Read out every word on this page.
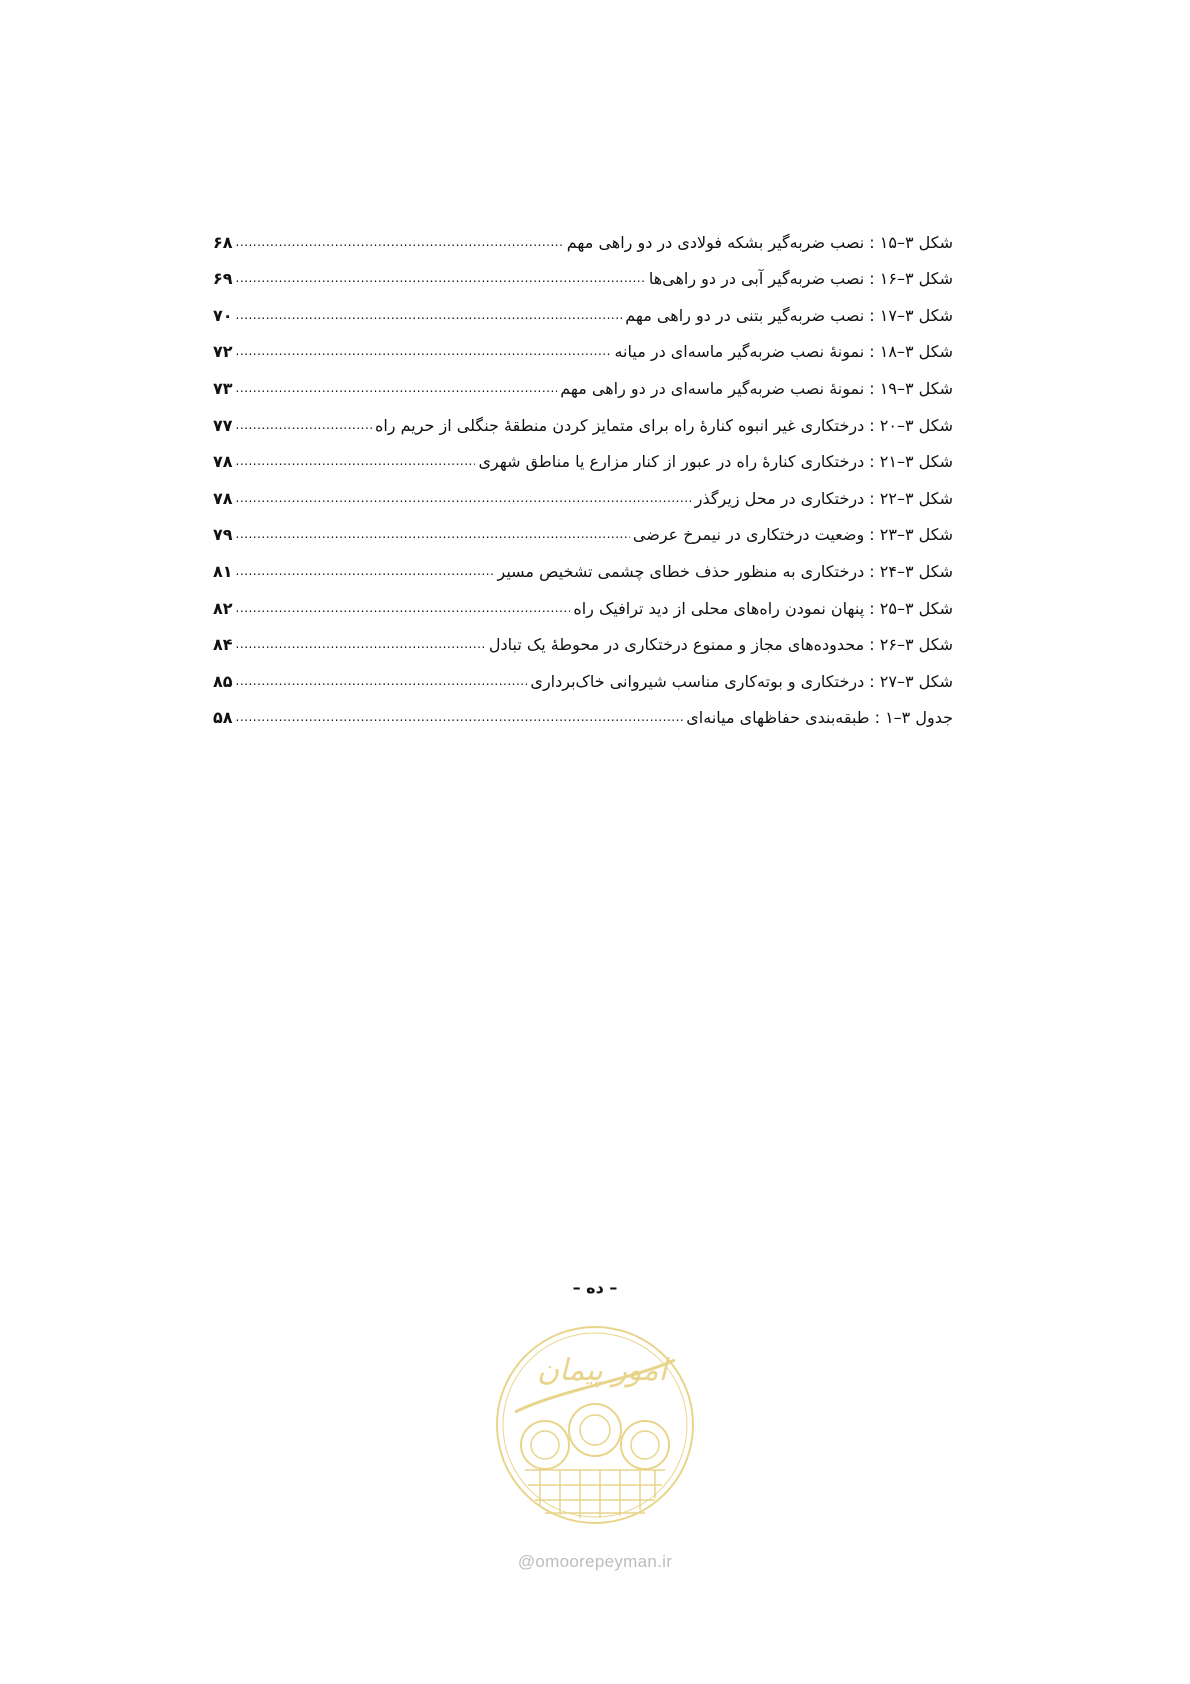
شکل ۳–۱۵ : نصب ضربه‌گیر بشکه فولادی در دو راهی مهم
.....
۶۸
شکل ۳–۱۶ : نصب ضربه‌گیر آبی در دو راهی‌ها
.....
۶۹
شکل ۳–۱۷ : نصب ضربه‌گیر بتنی در دو راهی مهم
.....
۷۰
شکل ۳–۱۸ : نمونهٔ نصب ضربه‌گیر ماسه‌ای در میانه
.....
۷۲
شکل ۳–۱۹ : نمونهٔ نصب ضربه‌گیر ماسه‌ای در دو راهی مهم
.....
۷۳
شکل ۳–۲۰ : درختکاری غیر انبوه کنارهٔ راه برای متمایز کردن منطقهٔ جنگلی از حریم راه
.....
۷۷
شکل ۳–۲۱ : درختکاری کنارهٔ راه در عبور از کنار مزارع یا مناطق شهری
.....
۷۸
شکل ۳–۲۲ : درختکاری در محل زیرگذر
.....
۷۸
شکل ۳–۲۳ : وضعیت درختکاری در نیمرخ عرضی
.....
۷۹
شکل ۳–۲۴ : درختکاری به منظور حذف خطای چشمی تشخیص مسیر
.....
۸۱
شکل ۳–۲۵ : پنهان نمودن راه‌های محلی از دید ترافیک راه
.....
۸۲
شکل ۳–۲۶ : محدوده‌های مجاز و ممنوع درختکاری در محوطهٔ یک تبادل
.....
۸۴
شکل ۳–۲۷ : درختکاری و بوته‌کاری مناسب شیروانی خاک‌برداری
.....
۸۵
جدول ۳–۱ : طبقه‌بندی حفاظهای میانه‌ای
.....
۵۸
– ده –
امور پیمان
@omoorepeyman.ir
